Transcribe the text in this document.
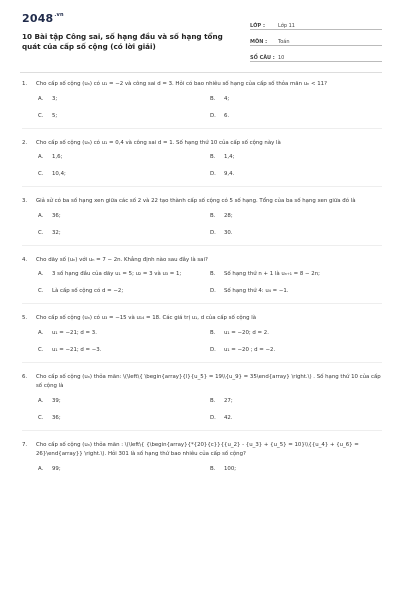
$2048^{.vn}$
10 Bài tập Công sai, số hạng đầu và số hạng tổng quát của cấp số cộng (có lời giải)
LỚP :	Lớp 11
MÔN :	Toán
SỐ CÂU : 10
1.	Cho cấp số cộng (uₙ) có u₁ = −2 và công sai d = 3. Hỏi có bao nhiêu số hạng của cấp số thỏa mãn uₙ < 11?
A.	3;	B.	4;
C.	5;	D.	6.
2.	Cho cấp số cộng (uₙ) có u₁ = 0,4 và công sai d = 1. Số hạng thứ 10 của cấp số cộng này là
A.	1,6;	B.	1,4;
C.	10,4;	D.	9,4.
3.	Giả sử có ba số hạng xen giữa các số 2 và 22 tạo thành cấp số cộng có 5 số hạng. Tổng của ba số hạng xen giữa đó là
A.	36;	B.	28;
C.	32;	D.	30.
4.	Cho dãy số (uₙ) với uₙ = 7 − 2n. Khẳng định nào sau đây là sai?
A.	3 số hạng đầu của dãy u₁ = 5; u₂ = 3 và u₃ = 1;	B.	Số hạng thứ n + 1 là uₙ₊₁ = 8 − 2n;
C.	Là cấp số cộng có d = −2;	D.	Số hạng thứ 4: u₄ = −1.
5.	Cho cấp số cộng (uₙ) có u₃ = −15 và u₁₄ = 18. Các giá trị u₁, d của cấp số cộng là
A.	u₁ = −21; d = 3.	B.	u₁ = −20; d = 2.
C.	u₁ = −21; d = −3.	D.	u₁ = −20 ; d = −2.
6.	Cho cấp số cộng (uₙ) thỏa mãn: \(\left\{ \begin{array}{l}{u_5} = 19\\{u_9} = 35\end{array} \right.\) . Số hạng thứ 10 của cấp số cộng là
A.	39;	B.	27;
C.	36;	D.	42.
7.	Cho cấp số cộng (uₙ) thỏa mãn : \(\left\{ {\begin{array}{*{20}{c}}{{u_2} - {u_3} + {u_5} = 10}\\{{u_4} + {u_6} = 26}\end{array}} \right.\). Hỏi 301 là số hạng thứ bao nhiêu của cấp số cộng?
A.	99;	B.	100;
